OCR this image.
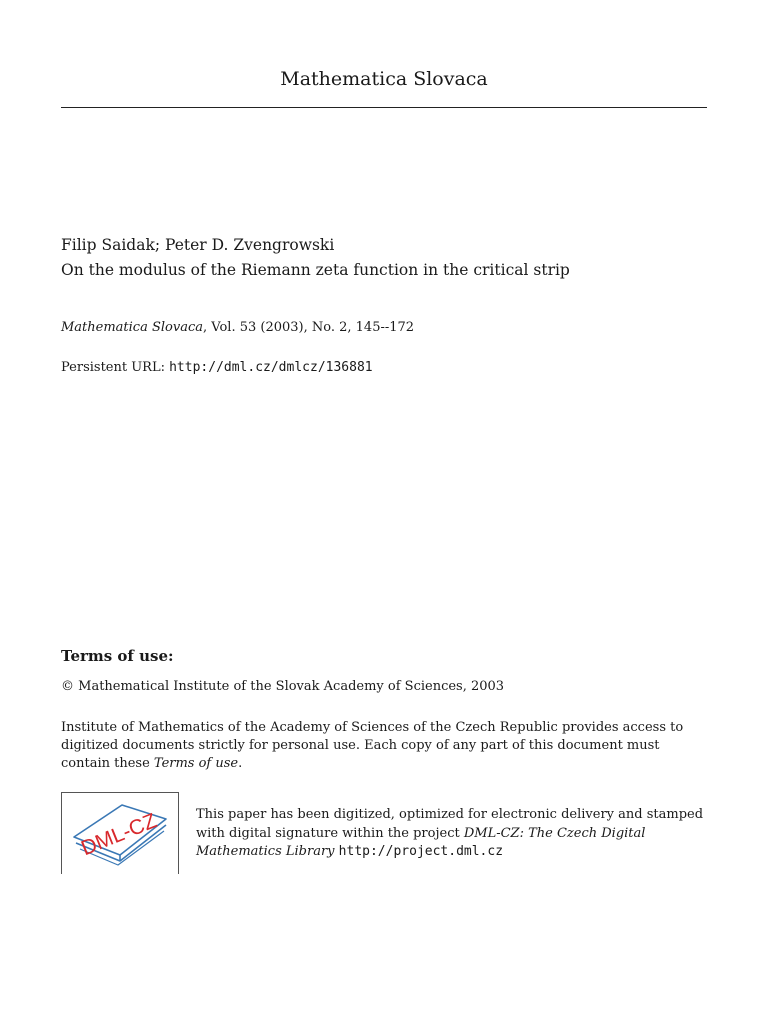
Mathematica Slovaca
Filip Saidak; Peter D. Zvengrowski
On the modulus of the Riemann zeta function in the critical strip
Mathematica Slovaca, Vol. 53 (2003), No. 2, 145--172
Persistent URL: http://dml.cz/dmlcz/136881
Terms of use:
© Mathematical Institute of the Slovak Academy of Sciences, 2003
Institute of Mathematics of the Academy of Sciences of the Czech Republic provides access to digitized documents strictly for personal use. Each copy of any part of this document must contain these Terms of use.
DML-CZ	This paper has been digitized, optimized for electronic delivery and stamped with digital signature within the project DML-CZ: The Czech Digital Mathematics Library http://project.dml.cz
